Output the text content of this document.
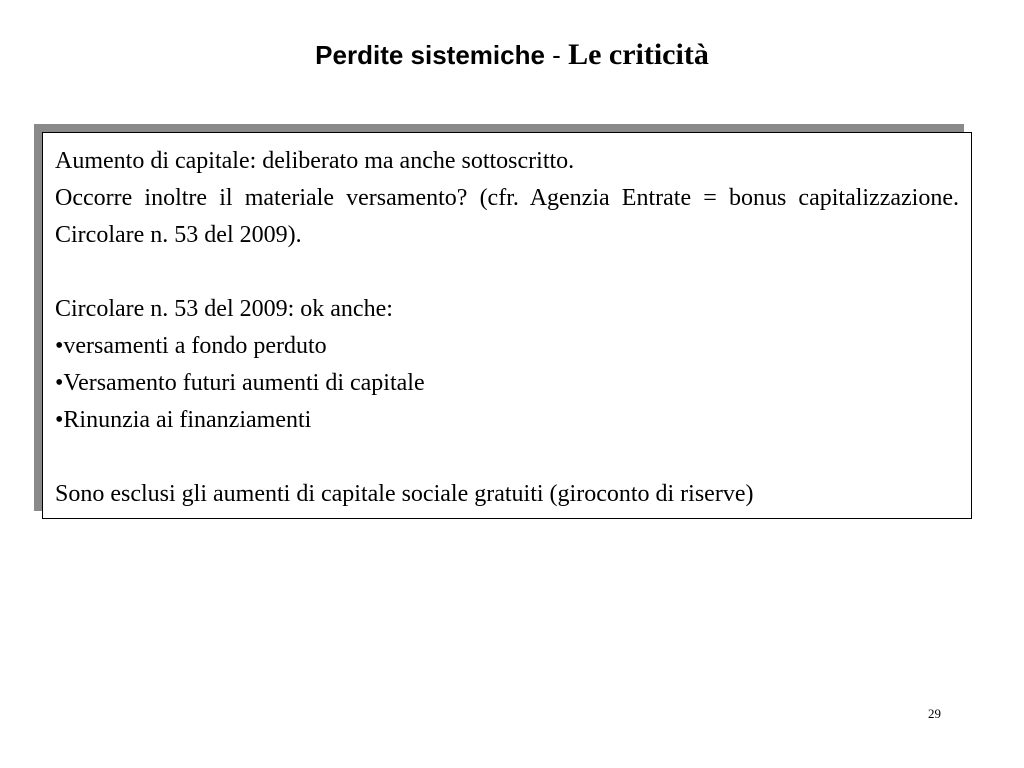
Perdite sistemiche - Le criticità
Aumento di capitale: deliberato ma anche sottoscritto.
Occorre inoltre il materiale versamento? (cfr. Agenzia Entrate = bonus capitalizzazione. Circolare n. 53 del 2009).
Circolare n. 53 del 2009: ok anche:
•versamenti a fondo perduto
•Versamento futuri aumenti di capitale
•Rinunzia ai finanziamenti
Sono esclusi gli aumenti di capitale sociale gratuiti (giroconto di riserve)
29
